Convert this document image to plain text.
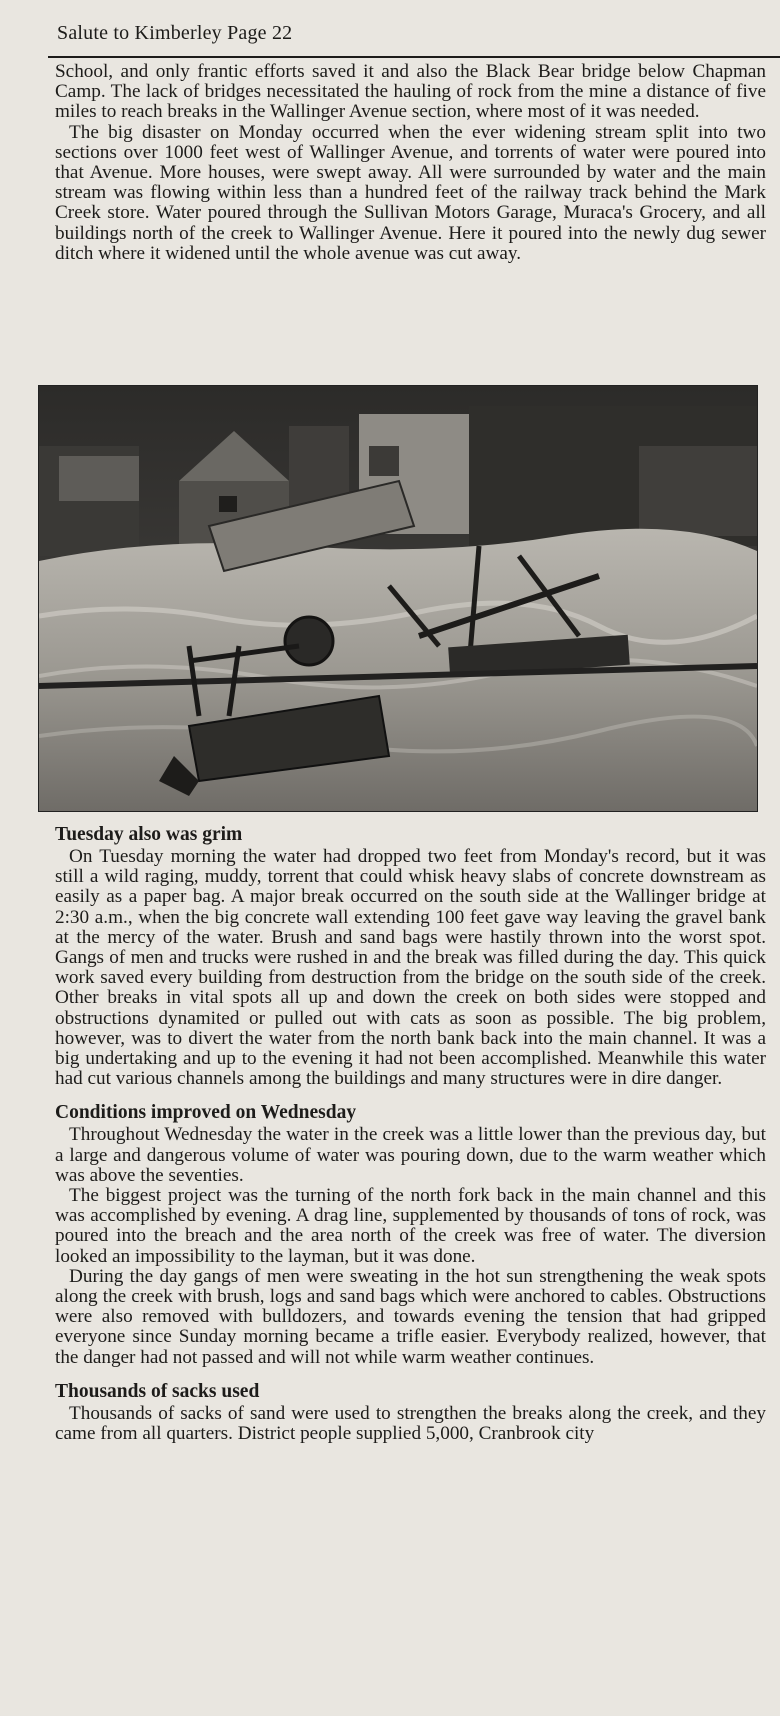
Salute to Kimberley Page 22

School, and only frantic efforts saved it and also the Black Bear bridge below Chapman Camp. The lack of bridges necessitated the hauling of rock from the mine a distance of five miles to reach breaks in the Wallinger Avenue section, where most of it was needed.

The big disaster on Monday occurred when the ever widening stream split into two sections over 1000 feet west of Wallinger Avenue, and torrents of water were poured into that Avenue. More houses, were swept away. All were surrounded by water and the main stream was flowing within less than a hundred feet of the railway track behind the Mark Creek store. Water poured through the Sullivan Motors Garage, Muraca's Grocery, and all buildings north of the creek to Wallinger Avenue. Here it poured into the newly dug sewer ditch where it widened until the whole avenue was cut away.

Tuesday also was grim

On Tuesday morning the water had dropped two feet from Monday's record, but it was still a wild raging, muddy, torrent that could whisk heavy slabs of concrete downstream as easily as a paper bag. A major break occurred on the south side at the Wallinger bridge at 2:30 a.m., when the big concrete wall extending 100 feet gave way leaving the gravel bank at the mercy of the water. Brush and sand bags were hastily thrown into the worst spot. Gangs of men and trucks were rushed in and the break was filled during the day. This quick work saved every building from destruction from the bridge on the south side of the creek. Other breaks in vital spots all up and down the creek on both sides were stopped and obstructions dynamited or pulled out with cats as soon as possible. The big problem, however, was to divert the water from the north bank back into the main channel. It was a big undertaking and up to the evening it had not been accomplished. Meanwhile this water had cut various channels among the buildings and many structures were in dire danger.

Conditions improved on Wednesday

Throughout Wednesday the water in the creek was a little lower than the previous day, but a large and dangerous volume of water was pouring down, due to the warm weather which was above the seventies.

The biggest project was the turning of the north fork back in the main channel and this was accomplished by evening. A drag line, supplemented by thousands of tons of rock, was poured into the breach and the area north of the creek was free of water. The diversion looked an impossibility to the layman, but it was done.

During the day gangs of men were sweating in the hot sun strengthening the weak spots along the creek with brush, logs and sand bags which were anchored to cables. Obstructions were also removed with bulldozers, and towards evening the tension that had gripped everyone since Sunday morning became a trifle easier. Everybody realized, however, that the danger had not passed and will not while warm weather continues.

Thousands of sacks used

Thousands of sacks of sand were used to strengthen the breaks along the creek, and they came from all quarters. District people supplied 5,000, Cranbrook city
